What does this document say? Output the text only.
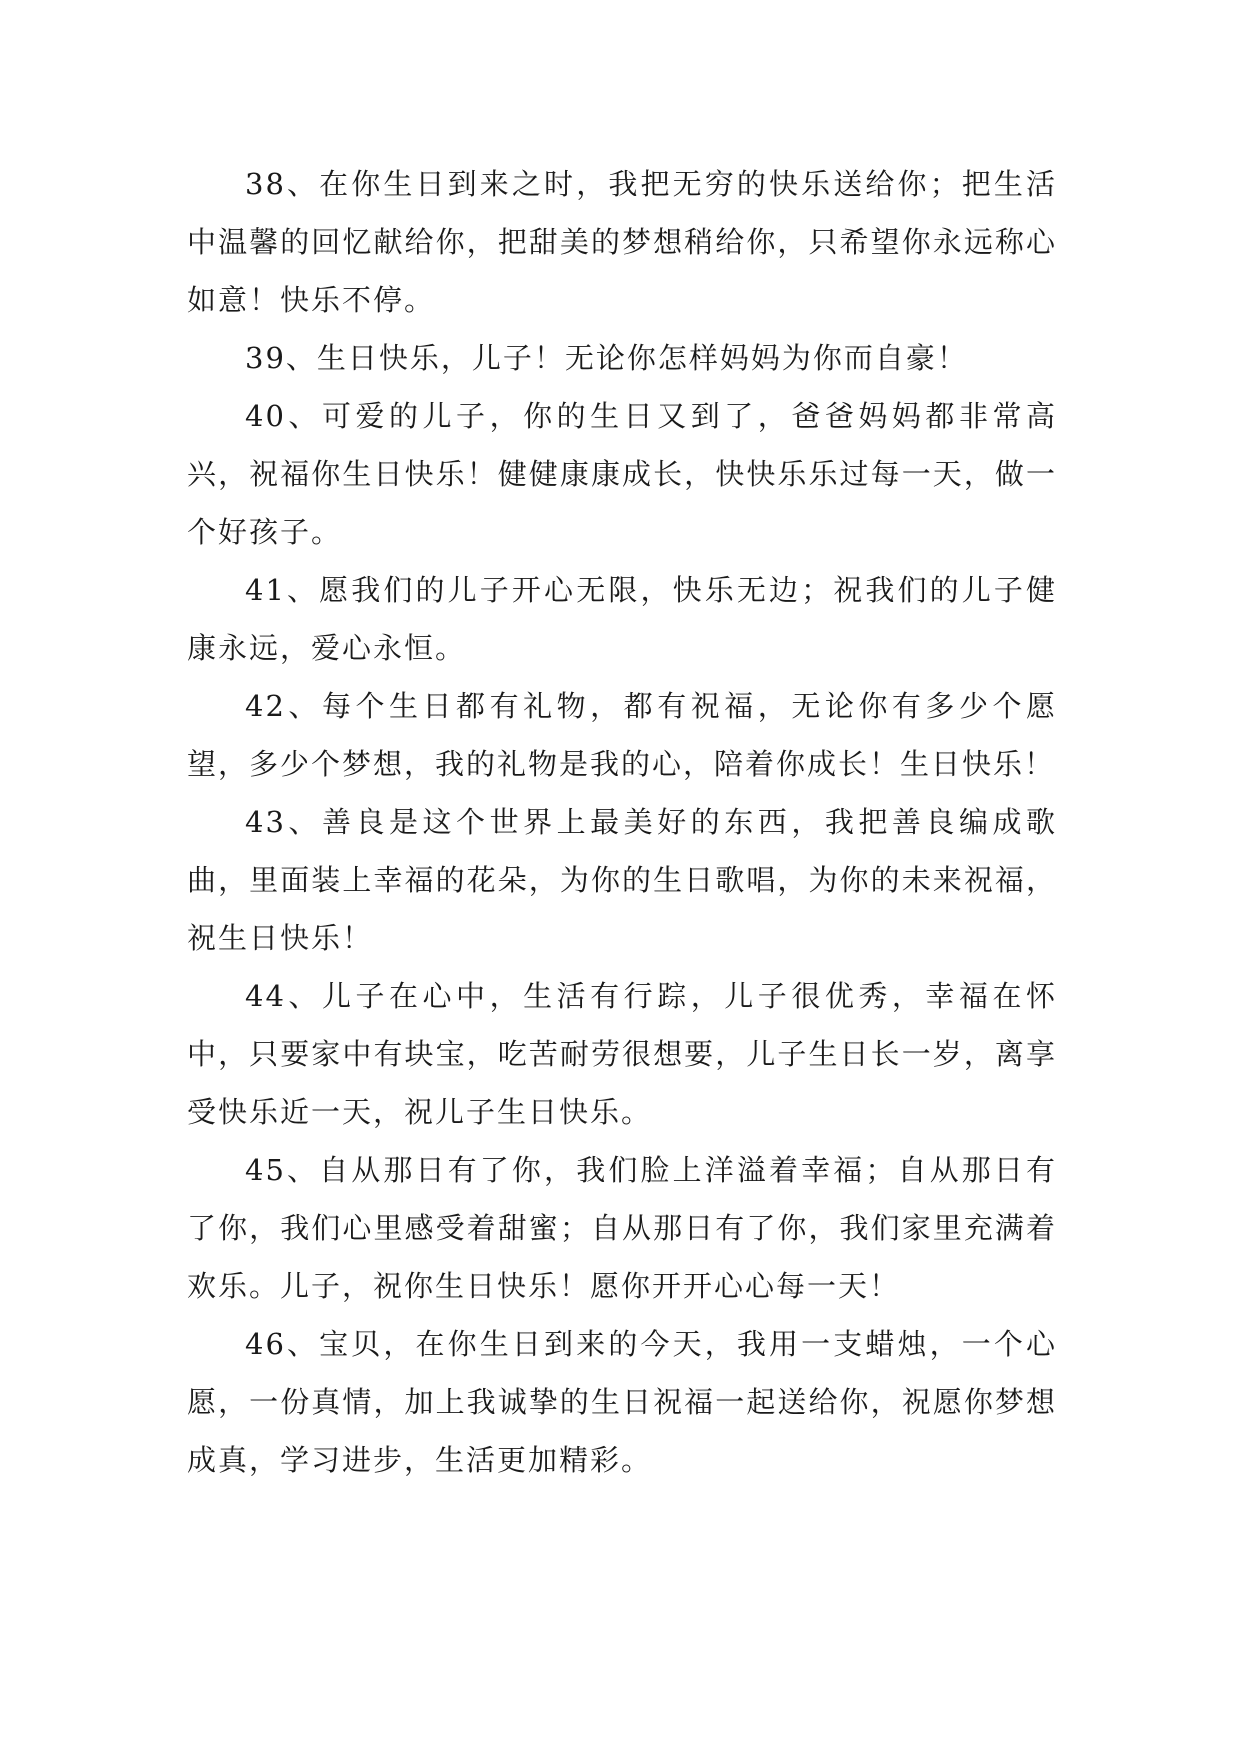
38、在你生日到来之时，我把无穷的快乐送给你；把生活中温馨的回忆献给你，把甜美的梦想稍给你，只希望你永远称心如意！快乐不停。

39、生日快乐，儿子！无论你怎样妈妈为你而自豪！

40、可爱的儿子，你的生日又到了，爸爸妈妈都非常高兴，祝福你生日快乐！健健康康成长，快快乐乐过每一天，做一个好孩子。

41、愿我们的儿子开心无限，快乐无边；祝我们的儿子健康永远，爱心永恒。

42、每个生日都有礼物，都有祝福，无论你有多少个愿望，多少个梦想，我的礼物是我的心，陪着你成长！生日快乐！

43、善良是这个世界上最美好的东西，我把善良编成歌曲，里面装上幸福的花朵，为你的生日歌唱，为你的未来祝福，祝生日快乐！

44、儿子在心中，生活有行踪，儿子很优秀，幸福在怀中，只要家中有块宝，吃苦耐劳很想要，儿子生日长一岁，离享受快乐近一天，祝儿子生日快乐。

45、自从那日有了你，我们脸上洋溢着幸福；自从那日有了你，我们心里感受着甜蜜；自从那日有了你，我们家里充满着欢乐。儿子，祝你生日快乐！愿你开开心心每一天！

46、宝贝，在你生日到来的今天，我用一支蜡烛，一个心愿，一份真情，加上我诚挚的生日祝福一起送给你，祝愿你梦想成真，学习进步，生活更加精彩。
